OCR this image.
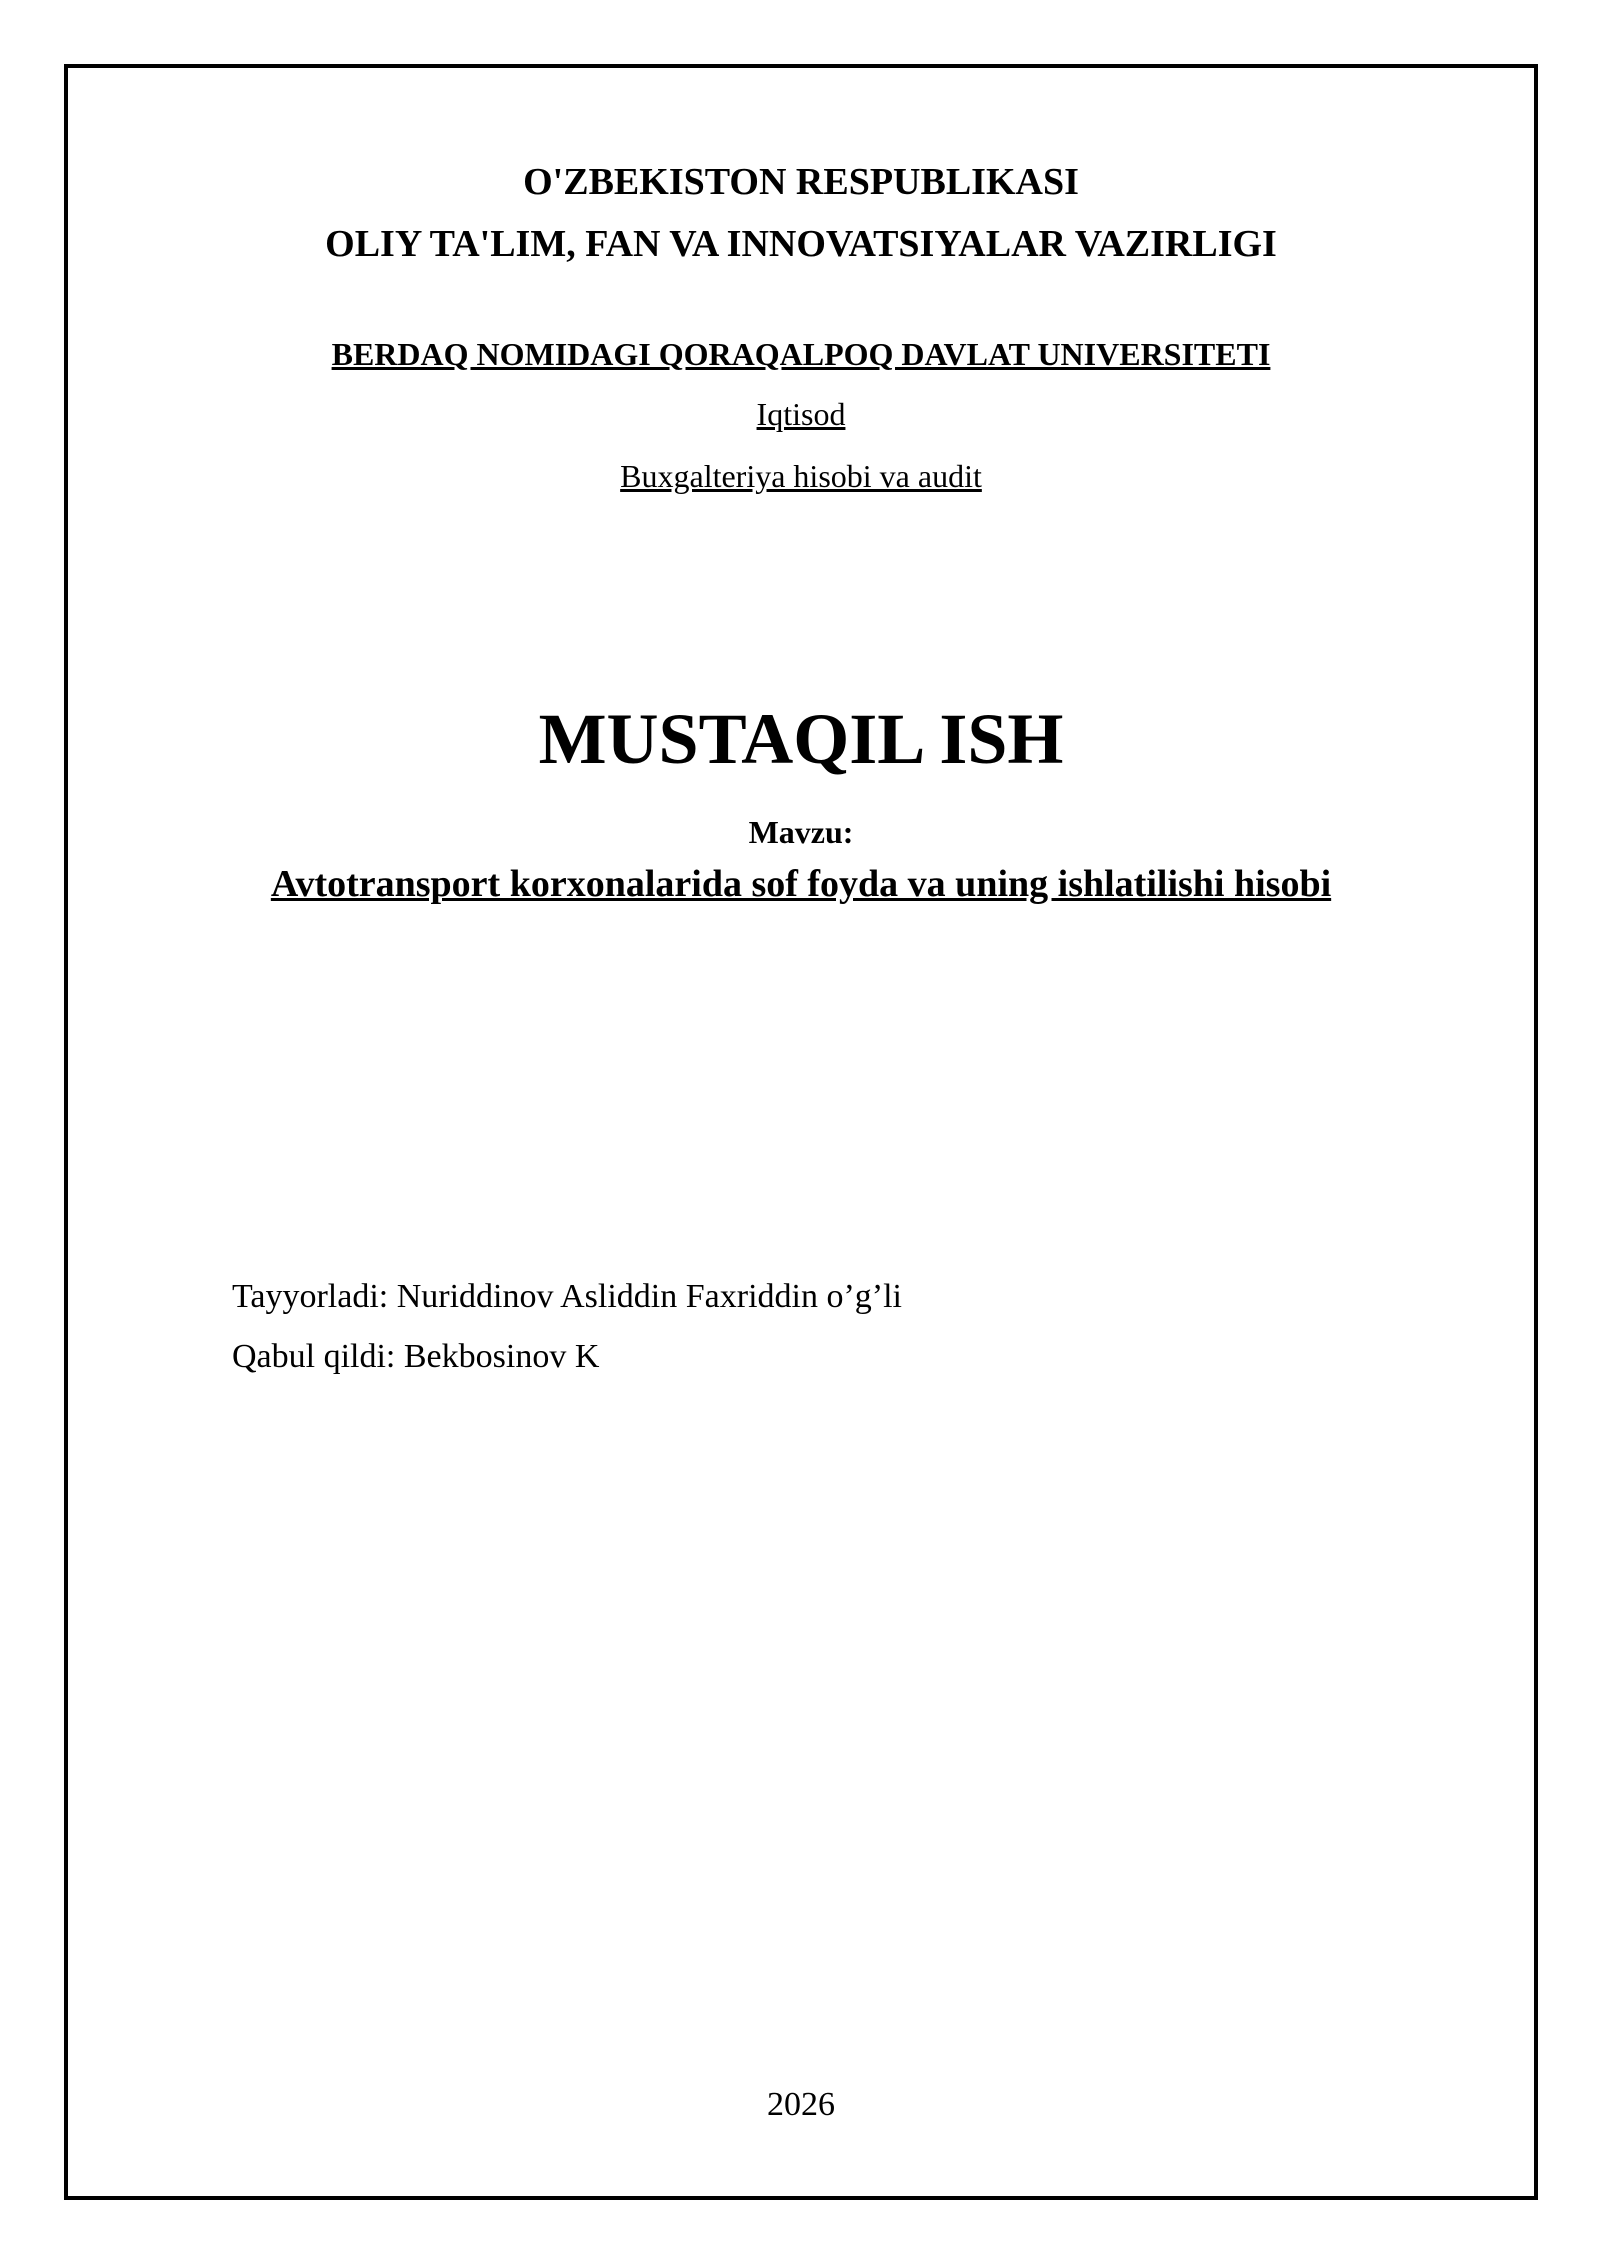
O'ZBEKISTON RESPUBLIKASI
OLIY TA'LIM, FAN VA INNOVATSIYALAR VAZIRLIGI
BERDAQ NOMIDAGI QORAQALPOQ DAVLAT UNIVERSITETI
Iqtisod
Buxgalteriya hisobi va audit
MUSTAQIL ISH
Mavzu:
Avtotransport korxonalarida sof foyda va uning ishlatilishi hisobi
Tayyorladi: Nuriddinov Asliddin Faxriddin o’g’li
Qabul qildi: Bekbosinov K
2026
